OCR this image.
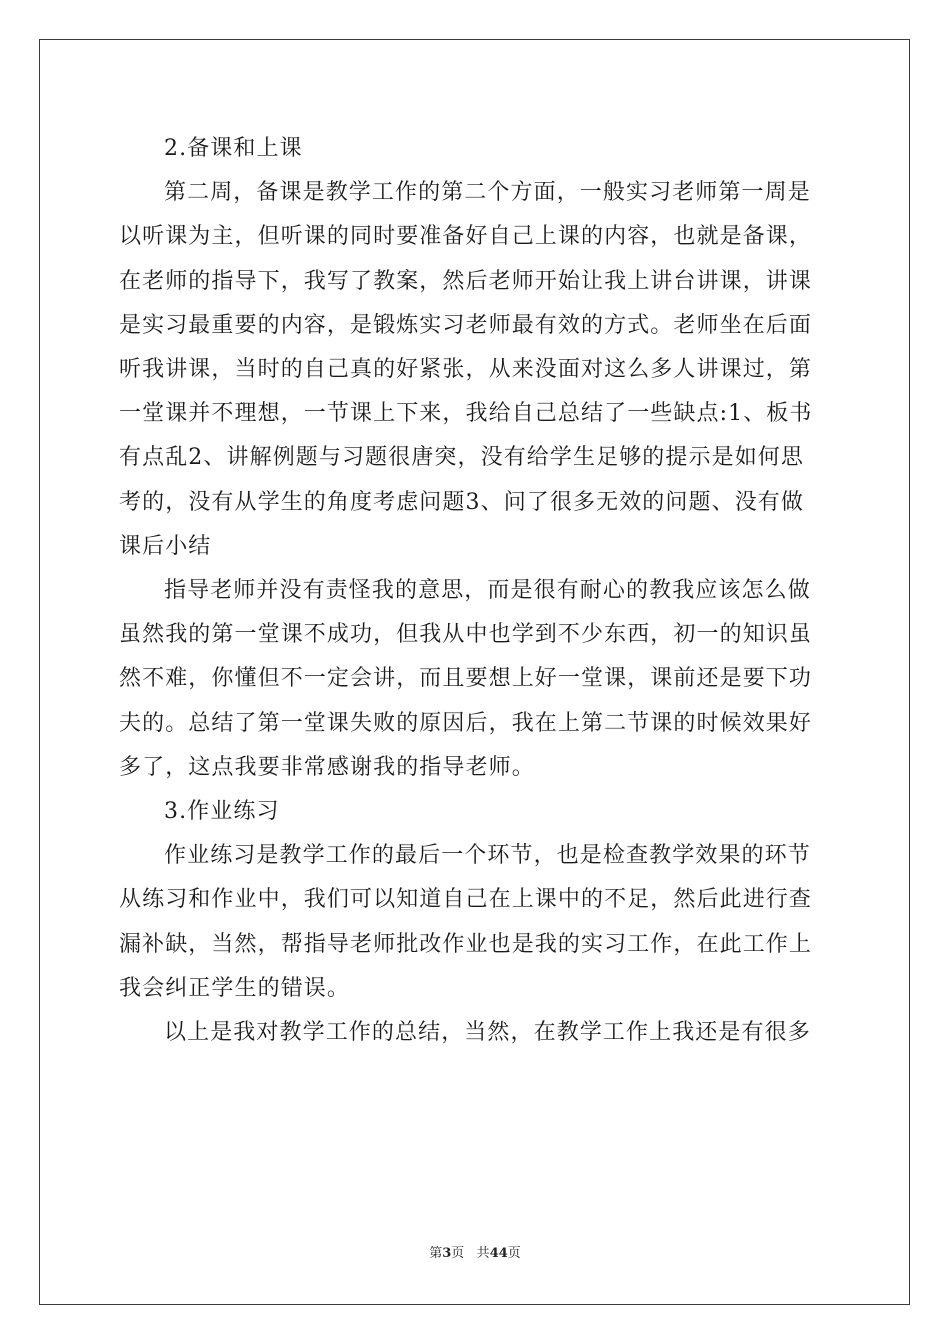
2.备课和上课
第二周，备课是教学工作的第二个方面，一般实习老师第一周是
以听课为主，但听课的同时要准备好自己上课的内容，也就是备课，
在老师的指导下，我写了教案，然后老师开始让我上讲台讲课，讲课
是实习最重要的内容，是锻炼实习老师最有效的方式。老师坐在后面
听我讲课，当时的自己真的好紧张，从来没面对这么多人讲课过，第
一堂课并不理想，一节课上下来，我给自己总结了一些缺点:1、板书
有点乱2、讲解例题与习题很唐突，没有给学生足够的提示是如何思
考的，没有从学生的角度考虑问题3、问了很多无效的问题、没有做
课后小结
指导老师并没有责怪我的意思，而是很有耐心的教我应该怎么做
虽然我的第一堂课不成功，但我从中也学到不少东西，初一的知识虽
然不难，你懂但不一定会讲，而且要想上好一堂课，课前还是要下功
夫的。总结了第一堂课失败的原因后，我在上第二节课的时候效果好
多了，这点我要非常感谢我的指导老师。
3.作业练习
作业练习是教学工作的最后一个环节，也是检查教学效果的环节
从练习和作业中，我们可以知道自己在上课中的不足，然后此进行查
漏补缺，当然，帮指导老师批改作业也是我的实习工作，在此工作上
我会纠正学生的错误。
以上是我对教学工作的总结，当然，在教学工作上我还是有很多
第3页 共44页
